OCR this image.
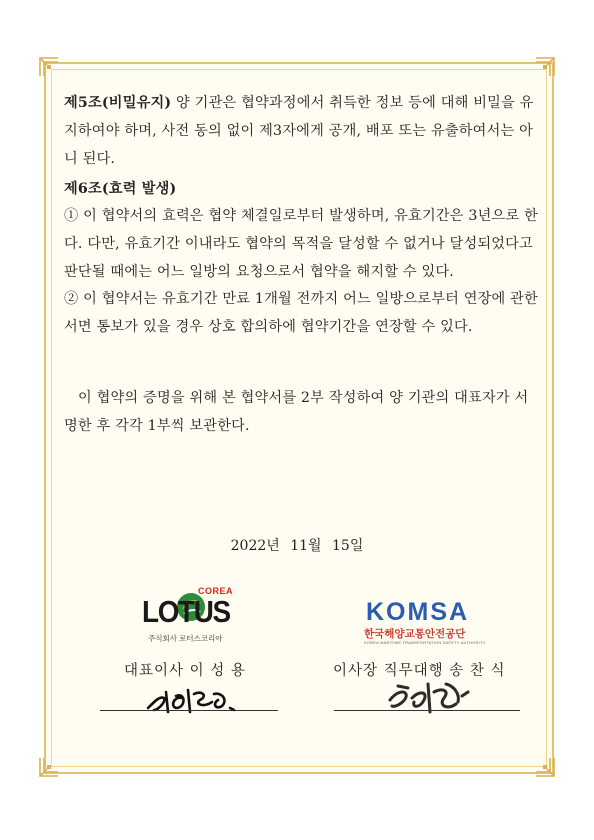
제5조(비밀유지) 양 기관은 협약과정에서 취득한 정보 등에 대해 비밀을 유지하여야 하며, 사전 동의 없이 제3자에게 공개, 배포 또는 유출하여서는 아니 된다.

제6조(효력 발생)

① 이 협약서의 효력은 협약 체결일로부터 발생하며, 유효기간은 3년으로 한다. 다만, 유효기간 이내라도 협약의 목적을 달성할 수 없거나 달성되었다고 판단될 때에는 어느 일방의 요청으로서 협약을 해지할 수 있다.

② 이 협약서는 유효기간 만료 1개월 전까지 어느 일방으로부터 연장에 관한 서면 통보가 있을 경우 상호 합의하에 협약기간을 연장할 수 있다.

이 협약의 증명을 위해 본 협약서를 2부 작성하여 양 기관의 대표자가 서명한 후 각각 1부씩 보관한다.
2022년 11월 15일
COREA
LOTUS
주식회사 로터스코리아
KOMSA
한국해양교통안전공단
KOREA MARITIME TRANSPORTATION SAFETY AUTHORITY
대표이사 이 성 용	이사장 직무대행 송 찬 식
